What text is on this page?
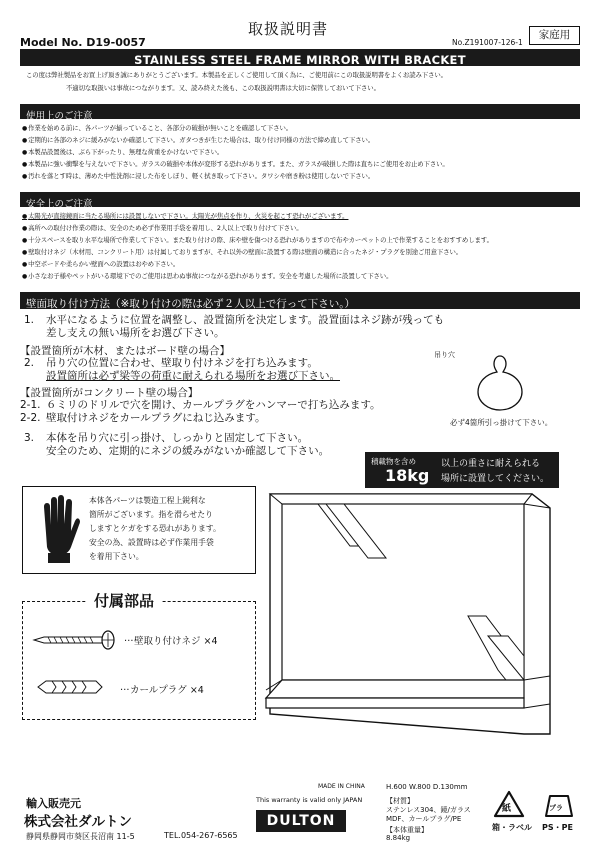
取扱説明書
Model No. D19-0057	No.Z191007-126-1
家庭用
STAINLESS STEEL FRAME MIRROR WITH BRACKET
この度は弊社製品をお買上げ頂き誠にありがとうございます。本製品を正しくご使用して頂く為に、ご使用前にこの取扱説明書をよくお読み下さい。
不適切な取扱いは事故につながります。又、読み終えた後も、この取扱説明書は大切に保管しておいて下さい。
使用上のご注意
● 作業を始める前に、各パーツが揃っていること、各部分の破損が無いことを確認して下さい。
● 定期的に各部のネジに緩みがないか確認して下さい。ガタつきが生じた場合は、取り付け同様の方法で締め直して下さい。
● 本製品設置後は、ぶら下がったり、無理な荷重をかけないで下さい。
● 本製品に強い衝撃を与えないで下さい。ガラスの破損や本体が変形する恐れがあります。また、ガラスが破損した際は直ちにご使用をお止め下さい。
● 汚れを落とす時は、薄めた中性洗剤に浸した布をしぼり、軽く拭き取って下さい。タワシや磨き粉は使用しないで下さい。
安全上のご注意
● 太陽光が直接鏡面に当たる場所には設置しないで下さい。太陽光が焦点を作り、火災を起こす恐れがございます。
● 高所への取付け作業の際は、安全のため必ず作業用手袋を着用し、2人以上で取り付けて下さい。
● 十分スペースを取り水平な場所で作業して下さい。また取り付けの際、床や壁を傷つける恐れがありますので布やカーペットの上で作業することをおすすめします。
● 壁取付けネジ（木材用、コンクリート用）は付属しておりますが、それ以外の壁面に設置する際は壁面の構造に合ったネジ・プラグを別途ご用意下さい。
● 中空ボードや柔らかい壁面への設置はおやめ下さい。
● 小さなお子様やペットがいる環境下でのご使用は思わぬ事故につながる恐れがあります。安全を考慮した場所に設置して下さい。
壁面取り付け方法（※取り付けの際は必ず２人以上で行って下さい。）
1. 水平になるように位置を調整し、設置箇所を決定します。設置面はネジ跡が残っても
差し支えの無い場所をお選び下さい。
【設置箇所が木材、またはボード壁の場合】
2. 吊り穴の位置に合わせ、壁取り付けネジを打ち込みます。
設置箇所は必ず梁等の荷重に耐えられる場所をお選び下さい。
【設置箇所がコンクリート壁の場合】
2-1. ６ミリのドリルで穴を開け、カールプラグをハンマーで打ち込みます。
2-2. 壁取付けネジをカールプラグにねじ込みます。
3. 本体を吊り穴に引っ掛け、しっかりと固定して下さい。
安全のため、定期的にネジの緩みがないか確認して下さい。
吊り穴
必ず4箇所引っ掛けて下さい。
積載物を含め
18kg
以上の重さに耐えられる
場所に設置してください。
本体各パーツは製造工程上鋭利な
箇所がございます。指を滑らせたり
しますとケガをする恐れがあります。
安全の為、設置時は必ず作業用手袋
を着用下さい。
付属部品
… 壁取り付けネジ ×4
… カールプラグ ×4
輸入販売元
株式会社ダルトン
静岡県静岡市葵区長沼南 11-5	TEL.054-267-6565
MADE IN CHINA
This warranty is valid only JAPAN
DULTON
H.600 W.800 D.130mm
【材質】
ステンレス304、鏡/ガラス
MDF、カールプラグ/PE
【本体重量】
8.84kg
紙
箱・ラベル
プラ
PS・PE
